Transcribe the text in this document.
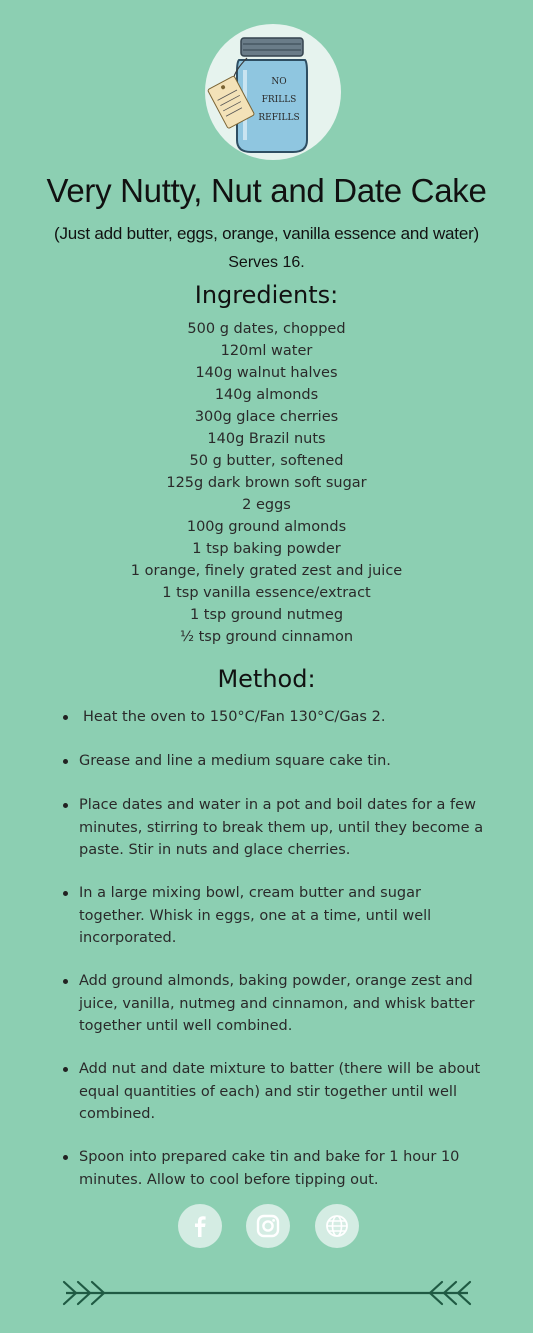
NO
FRILLS
REFILLS
Very Nutty, Nut and Date Cake
(Just add butter, eggs, orange, vanilla essence and water)
Serves 16.
Ingredients:
500 g dates, chopped
120ml water
140g walnut halves
140g almonds
300g glace cherries
140g Brazil nuts
50 g butter, softened
125g dark brown soft sugar
2 eggs
100g ground almonds
1 tsp baking powder
1 orange, finely grated zest and juice
1 tsp vanilla essence/extract
1 tsp ground nutmeg
½ tsp ground cinnamon
Method:
Heat the oven to 150°C/Fan 130°C/Gas 2.
Grease and line a medium square cake tin.
Place dates and water in a pot and boil dates for a few minutes, stirring to break them up, until they become a paste. Stir in nuts and glace cherries.
In a large mixing bowl, cream butter and sugar together. Whisk in eggs, one at a time, until well incorporated.
Add ground almonds, baking powder, orange zest and juice, vanilla, nutmeg and cinnamon, and whisk batter together until well combined.
Add nut and date mixture to batter (there will be about equal quantities of each) and stir together until well combined.
Spoon into prepared cake tin and bake for 1 hour 10 minutes. Allow to cool before tipping out.
